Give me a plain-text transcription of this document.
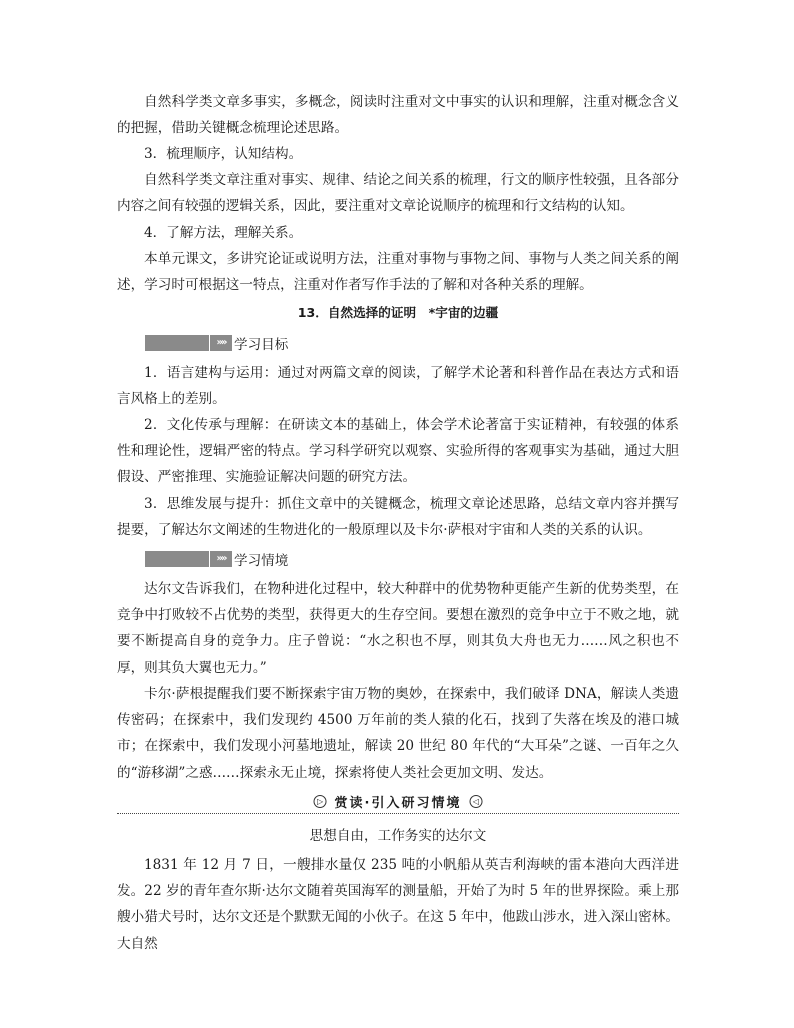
自然科学类文章多事实，多概念，阅读时注重对文中事实的认识和理解，注重对概念含义的把握，借助关键概念梳理论述思路。

3．梳理顺序，认知结构。

自然科学类文章注重对事实、规律、结论之间关系的梳理，行文的顺序性较强，且各部分内容之间有较强的逻辑关系，因此，要注重对文章论说顺序的梳理和行文结构的认知。

4．了解方法，理解关系。

本单元课文，多讲究论证或说明方法，注重对事物与事物之间、事物与人类之间关系的阐述，学习时可根据这一特点，注重对作者写作手法的了解和对各种关系的理解。

13．自然选择的证明　*宇宙的边疆
»» 学习目标

1．语言建构与运用：通过对两篇文章的阅读，了解学术论著和科普作品在表达方式和语言风格上的差别。

2．文化传承与理解：在研读文本的基础上，体会学术论著富于实证精神，有较强的体系性和理论性，逻辑严密的特点。学习科学研究以观察、实验所得的客观事实为基础，通过大胆假设、严密推理、实施验证解决问题的研究方法。

3．思维发展与提升：抓住文章中的关键概念，梳理文章论述思路，总结文章内容并撰写提要，了解达尔文阐述的生物进化的一般原理以及卡尔·萨根对宇宙和人类的关系的认识。

»» 学习情境

达尔文告诉我们，在物种进化过程中，较大种群中的优势物种更能产生新的优势类型，在竞争中打败较不占优势的类型，获得更大的生存空间。要想在激烈的竞争中立于不败之地，就要不断提高自身的竞争力。庄子曾说：“水之积也不厚，则其负大舟也无力……风之积也不厚，则其负大翼也无力。”

卡尔·萨根提醒我们要不断探索宇宙万物的奥妙，在探索中，我们破译 DNA，解读人类遗传密码；在探索中，我们发现约 4500 万年前的类人猿的化石，找到了失落在埃及的港口城市；在探索中，我们发现小河墓地遗址，解读 20 世纪 80 年代的“大耳朵”之谜、一百年之久的“游移湖”之惑……探索永无止境，探索将使人类社会更加文明、发达。

▷ 赏读·引入研习情境	◁
思想自由，工作务实的达尔文

1831 年 12 月 7 日，一艘排水量仅 235 吨的小帆船从英吉利海峡的雷本港向大西洋进发。22 岁的青年查尔斯·达尔文随着英国海军的测量船，开始了为时 5 年的世界探险。乘上那艘小猎犬号时，达尔文还是个默默无闻的小伙子。在这 5 年中，他跋山涉水，进入深山密林。大自然
